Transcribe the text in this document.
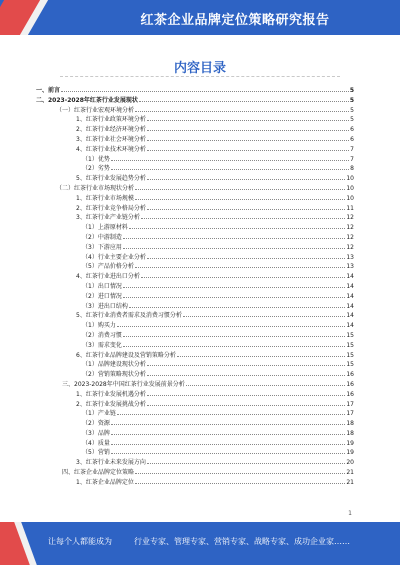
红茶企业品牌定位策略研究报告
内容目录
一、前言	5
二、2023-2028年红茶行业发展现状	5
（一）红茶行业宏观环境分析	5
1、红茶行业政策环境分析	5
2、红茶行业经济环境分析	6
3、红茶行业社会环境分析	6
4、红茶行业技术环境分析	7
（1）优势	7
（2）劣势	8
5、红茶行业发展趋势分析	10
（二）红茶行业市场现状分析	10
1、红茶行业市场规模	10
2、红茶行业竞争格局分析	11
3、红茶行业产业链分析	12
（1）上游原材料	12
（2）中游制造	12
（3）下游应用	12
（4）行业主要企业分析	13
（5）产品价格分析	13
4、红茶行业进出口分析	14
（1）出口情况	14
（2）进口情况	14
（3）进出口结构	14
5、红茶行业消费者需求及消费习惯分析	14
（1）购买力	14
（2）消费习惯	15
（3）需求变化	15
6、红茶行业品牌建设及营销策略分析	15
（1）品牌建设现状分析	15
（2）营销策略现状分析	16
三、2023-2028年中国红茶行业发展前景分析	16
1、红茶行业发展机遇分析	16
2、红茶行业发展挑战分析	17
（1）产业链	17
（2）资源	18
（3）品牌	18
（4）质量	19
（5）营销	19
3、红茶行业未来发展方向	20
四、红茶企业品牌定位策略	21
1、红茶企业品牌定位	21
1
让每个人都能成为	行业专家、管理专家、营销专家、战略专家、成功企业家……
